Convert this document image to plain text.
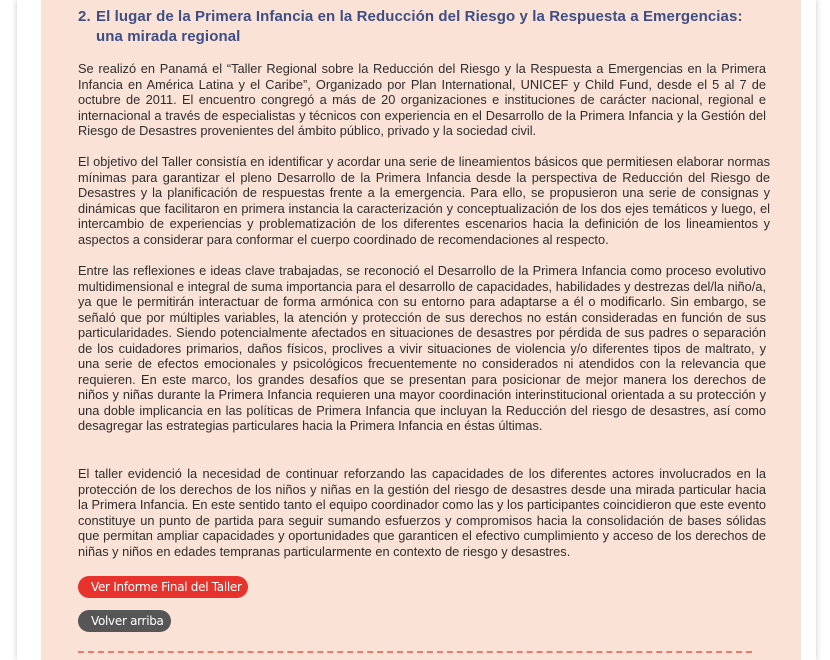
2. El lugar de la Primera Infancia en la Reducción del Riesgo y la Respuesta a Emergencias:
una mirada regional

Se realizó en Panamá el “Taller Regional sobre la Reducción del Riesgo y la Respuesta a Emergencias en la Primera Infancia en América Latina y el Caribe”, Organizado por Plan International, UNICEF y Child Fund, desde el 5 al 7 de octubre de 2011. El encuentro congregó a más de 20 organizaciones e instituciones de carácter nacional, regional e internacional a través de especialistas y técnicos con experiencia en el Desarrollo de la Primera Infancia y la Gestión del Riesgo de Desastres provenientes del ámbito público, privado y la sociedad civil.

El objetivo del Taller consistía en identificar y acordar una serie de lineamientos básicos que permitiesen elaborar normas mínimas para garantizar el pleno Desarrollo de la Primera Infancia desde la perspectiva de Reducción del Riesgo de Desastres y la planificación de respuestas frente a la emergencia. Para ello, se propusieron una serie de consignas y dinámicas que facilitaron en primera instancia la caracterización y conceptualización de los dos ejes temáticos y luego, el intercambio de experiencias y problematización de los diferentes escenarios hacia la definición de los lineamientos y aspectos a considerar para conformar el cuerpo coordinado de recomendaciones al respecto.

Entre las reflexiones e ideas clave trabajadas, se reconoció el Desarrollo de la Primera Infancia como proceso evolutivo multidimensional e integral de suma importancia para el desarrollo de capacidades, habilidades y destrezas del/la niño/a, ya que le permitirán interactuar de forma armónica con su entorno para adaptarse a él o modificarlo. Sin embargo, se señaló que por múltiples variables, la atención y protección de sus derechos no están consideradas en función de sus particularidades. Siendo potencialmente afectados en situaciones de desastres por pérdida de sus padres o separación de los cuidadores primarios, daños físicos, proclives a vivir situaciones de violencia y/o diferentes tipos de maltrato, y una serie de efectos emocionales y psicológicos frecuentemente no considerados ni atendidos con la relevancia que requieren. En este marco, los grandes desafíos que se presentan para posicionar de mejor manera los derechos de niños y niñas durante la Primera Infancia requieren una mayor coordinación interinstitucional orientada a su protección y una doble implicancia en las políticas de Primera Infancia que incluyan la Reducción del riesgo de desastres, así como desagregar las estrategias particulares hacia la Primera Infancia en éstas últimas.

El taller evidenció la necesidad de continuar reforzando las capacidades de los diferentes actores involucrados en la protección de los derechos de los niños y niñas en la gestión del riesgo de desastres desde una mirada particular hacia la Primera Infancia. En este sentido tanto el equipo coordinador como las y los participantes coincidieron que este evento constituye un punto de partida para seguir sumando esfuerzos y compromisos hacia la consolidación de bases sólidas que permitan ampliar capacidades y oportunidades que garanticen el efectivo cumplimiento y acceso de los derechos de niñas y niños en edades tempranas particularmente en contexto de riesgo y desastres.

Ver Informe Final del Taller
Volver arriba
